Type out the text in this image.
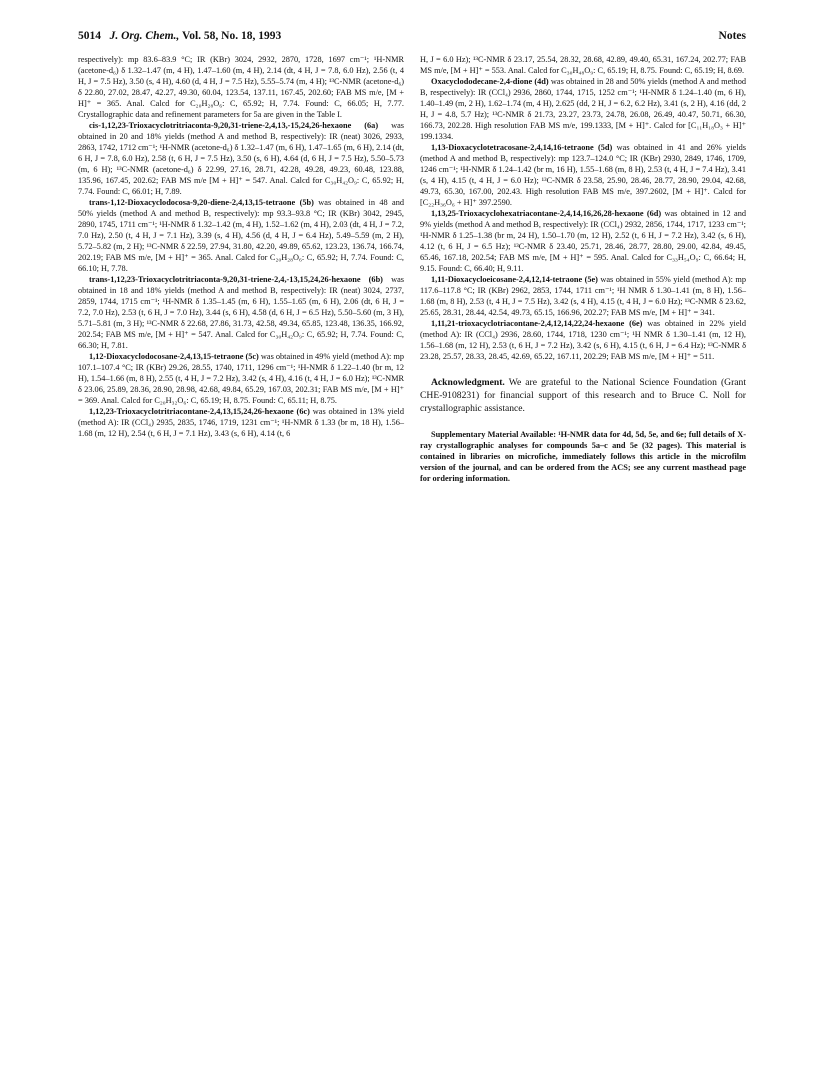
5014 J. Org. Chem., Vol. 58, No. 18, 1993	Notes

respectively): mp 83.6–83.9 °C; IR (KBr) 3024, 2932, 2870, 1728, 1697 cm⁻¹; ¹H-NMR (acetone-d₆) δ 1.32–1.47 (m, 4 H), 1.47–1.60 (m, 4 H), 2.14 (dt, 4 H, J = 7.8, 6.0 Hz), 2.56 (t, 4 H, J = 7.5 Hz), 3.50 (s, 4 H), 4.60 (d, 4 H, J = 7.5 Hz), 5.55–5.74 (m, 4 H); ¹³C-NMR (acetone-d₆) δ 22.80, 27.02, 28.47, 42.27, 49.30, 60.04, 123.54, 137.11, 167.45, 202.60; FAB MS m/e, [M + H]⁺ = 365. Anal. Calcd for C₂₀H₂₈O₆: C, 65.92; H, 7.74. Found: C, 66.05; H, 7.77. Crystallographic data and refinement parameters for 5a are given in the Table I.

cis-1,12,23-Trioxacyclotritriaconta-9,20,31-triene-2,4,13,-15,24,26-hexaone (6a) was obtained in 20 and 18% yields (method A and method B, respectively): IR (neat) 3026, 2933, 2863, 1742, 1712 cm⁻¹; ¹H-NMR (acetone-d₆) δ 1.32–1.47 (m, 6 H), 1.47–1.65 (m, 6 H), 2.14 (dt, 6 H, J = 7.8, 6.0 Hz), 2.58 (t, 6 H, J = 7.5 Hz), 3.50 (s, 6 H), 4.64 (d, 6 H, J = 7.5 Hz), 5.50–5.73 (m, 6 H); ¹³C-NMR (acetone-d₆) δ 22.99, 27.16, 28.71, 42.28, 49.28, 49.23, 60.48, 123.88, 135.96, 167.45, 202.62; FAB MS m/e [M + H]⁺ = 547. Anal. Calcd for C₃₀H₄₂O₉: C, 65.92; H, 7.74. Found: C, 66.01; H, 7.89.

trans-1,12-Dioxacyclodocosa-9,20-diene-2,4,13,15-tetraone (5b) was obtained in 48 and 50% yields (method A and method B, respectively): mp 93.3–93.8 °C; IR (KBr) 3042, 2945, 2890, 1745, 1711 cm⁻¹; ¹H-NMR δ 1.32–1.42 (m, 4 H), 1.52–1.62 (m, 4 H), 2.03 (dt, 4 H, J = 7.2, 7.0 Hz), 2.50 (t, 4 H, J = 7.1 Hz), 3.39 (s, 4 H), 4.56 (d, 4 H, J = 6.4 Hz), 5.49–5.59 (m, 2 H), 5.72–5.82 (m, 2 H); ¹³C-NMR δ 22.59, 27.94, 31.80, 42.20, 49.89, 65.62, 123.23, 136.74, 166.74, 202.19; FAB MS m/e, [M + H]⁺ = 365. Anal. Calcd for C₂₀H₂₈O₆: C, 65.92; H, 7.74. Found: C, 66.10; H, 7.78.

trans-1,12,23-Trioxacyclotritriaconta-9,20,31-triene-2,4,-13,15,24,26-hexaone (6b) was obtained in 18 and 18% yields (method A and method B, respectively): IR (neat) 3024, 2737, 2859, 1744, 1715 cm⁻¹; ¹H-NMR δ 1.35–1.45 (m, 6 H), 1.55–1.65 (m, 6 H), 2.06 (dt, 6 H, J = 7.2, 7.0 Hz), 2.53 (t, 6 H, J = 7.0 Hz), 3.44 (s, 6 H), 4.58 (d, 6 H, J = 6.5 Hz), 5.50–5.60 (m, 3 H), 5.71–5.81 (m, 3 H); ¹³C-NMR δ 22.68, 27.86, 31.73, 42.58, 49.34, 65.85, 123.48, 136.35, 166.92, 202.54; FAB MS m/e, [M + H]⁺ = 547. Anal. Calcd for C₃₀H₄₂O₉: C, 65.92; H, 7.74. Found: C, 66.30; H, 7.81.

1,12-Dioxacyclodocosane-2,4,13,15-tetraone (5c) was obtained in 49% yield (method A): mp 107.1–107.4 °C; IR (KBr) 29.26, 28.55, 1740, 1711, 1296 cm⁻¹; ¹H-NMR δ 1.22–1.40 (br m, 12 H), 1.54–1.66 (m, 8 H), 2.55 (t, 4 H, J = 7.2 Hz), 3.42 (s, 4 H), 4.16 (t, 4 H, J = 6.0 Hz); ¹³C-NMR δ 23.06, 25.89, 28.36, 28.90, 28.98, 42.68, 49.84, 65.29, 167.03, 202.31; FAB MS m/e, [M + H]⁺ = 369. Anal. Calcd for C₂₀H₃₂O₆: C, 65.19; H, 8.75. Found: C, 65.11; H, 8.75.

1,12,23-Trioxacyclotritriacontane-2,4,13,15,24,26-hexaone (6c) was obtained in 13% yield (method A): IR (CCl₄) 2935, 2835, 1746, 1719, 1231 cm⁻¹; ¹H-NMR δ 1.33 (br m, 18 H), 1.56–1.68 (m, 12 H), 2.54 (t, 6 H, J = 7.1 Hz), 3.43 (s, 6 H), 4.14 (t, 6

H, J = 6.0 Hz); ¹³C-NMR δ 23.17, 25.54, 28.32, 28.68, 42.89, 49.40, 65.31, 167.24, 202.77; FAB MS m/e, [M + H]⁺ = 553. Anal. Calcd for C₃₀H₄₈O₉: C, 65.19; H, 8.75. Found: C, 65.19; H, 8.69.

Oxacyclododecane-2,4-dione (4d) was obtained in 28 and 50% yields (method A and method B, respectively): IR (CCl₄) 2936, 2860, 1744, 1715, 1252 cm⁻¹; ¹H-NMR δ 1.24–1.40 (m, 6 H), 1.40–1.49 (m, 2 H), 1.62–1.74 (m, 4 H), 2.625 (dd, 2 H, J = 6.2, 6.2 Hz), 3.41 (s, 2 H), 4.16 (dd, 2 H, J = 4.8, 5.7 Hz); ¹³C-NMR δ 21.73, 23.27, 23.73, 24.78, 26.08, 26.49, 40.47, 50.71, 66.30, 166.73, 202.28. High resolution FAB MS m/e, 199.1333, [M + H]⁺. Calcd for [C₁₁H₁₈O₃ + H]⁺ 199.1334.

1,13-Dioxacyclotetracosane-2,4,14,16-tetraone (5d) was obtained in 41 and 26% yields (method A and method B, respectively): mp 123.7–124.0 °C; IR (KBr) 2930, 2849, 1746, 1709, 1246 cm⁻¹; ¹H-NMR δ 1.24–1.42 (br m, 16 H), 1.55–1.68 (m, 8 H), 2.53 (t, 4 H, J = 7.4 Hz), 3.41 (s, 4 H), 4.15 (t, 4 H, J = 6.0 Hz); ¹³C-NMR δ 23.58, 25.90, 28.46, 28.77, 28.90, 29.04, 42.68, 49.73, 65.30, 167.00, 202.43. High resolution FAB MS m/e, 397.2602, [M + H]⁺. Calcd for [C₂₂H₃₆O₆ + H]⁺ 397.2590.

1,13,25-Trioxacyclohexatriacontane-2,4,14,16,26,28-hexaone (6d) was obtained in 12 and 9% yields (method A and method B, respectively): IR (CCl₄) 2932, 2856, 1744, 1717, 1233 cm⁻¹; ¹H-NMR δ 1.25–1.38 (br m, 24 H), 1.50–1.70 (m, 12 H), 2.52 (t, 6 H, J = 7.2 Hz), 3.42 (s, 6 H), 4.12 (t, 6 H, J = 6.5 Hz); ¹³C-NMR δ 23.40, 25.71, 28.46, 28.77, 28.80, 29.00, 42.84, 49.45, 65.46, 167.18, 202.54; FAB MS m/e, [M + H]⁺ = 595. Anal. Calcd for C₃₃H₅₄O₉: C, 66.64; H, 9.15. Found: C, 66.40; H, 9.11.

1,11-Dioxacycloeicosane-2,4,12,14-tetraone (5e) was obtained in 55% yield (method A): mp 117.6–117.8 °C; IR (KBr) 2962, 2853, 1744, 1711 cm⁻¹; ¹H NMR δ 1.30–1.41 (m, 8 H), 1.56–1.68 (m, 8 H), 2.53 (t, 4 H, J = 7.5 Hz), 3.42 (s, 4 H), 4.15 (t, 4 H, J = 6.0 Hz); ¹³C-NMR δ 23.62, 25.65, 28.31, 28.44, 42.54, 49.73, 65.15, 166.96, 202.27; FAB MS m/e, [M + H]⁺ = 341.

1,11,21-trioxacyclotriacontane-2,4,12,14,22,24-hexaone (6e) was obtained in 22% yield (method A): IR (CCl₄) 2936, 28.60, 1744, 1718, 1230 cm⁻¹; ¹H NMR δ 1.30–1.41 (m, 12 H), 1.56–1.68 (m, 12 H), 2.53 (t, 6 H, J = 7.2 Hz), 3.42 (s, 6 H), 4.15 (t, 6 H, J = 6.4 Hz); ¹³C-NMR δ 23.28, 25.57, 28.33, 28.45, 42.69, 65.22, 167.11, 202.29; FAB MS m/e, [M + H]⁺ = 511.

Acknowledgment. We are grateful to the National Science Foundation (Grant CHE-9108231) for financial support of this research and to Bruce C. Noll for crystallographic assistance.

Supplementary Material Available: ¹H-NMR data for 4d, 5d, 5e, and 6e; full details of X-ray crystallographic analyses for compounds 5a–c and 5e (32 pages). This material is contained in libraries on microfiche, immediately follows this article in the microfilm version of the journal, and can be ordered from the ACS; see any current masthead page for ordering information.
